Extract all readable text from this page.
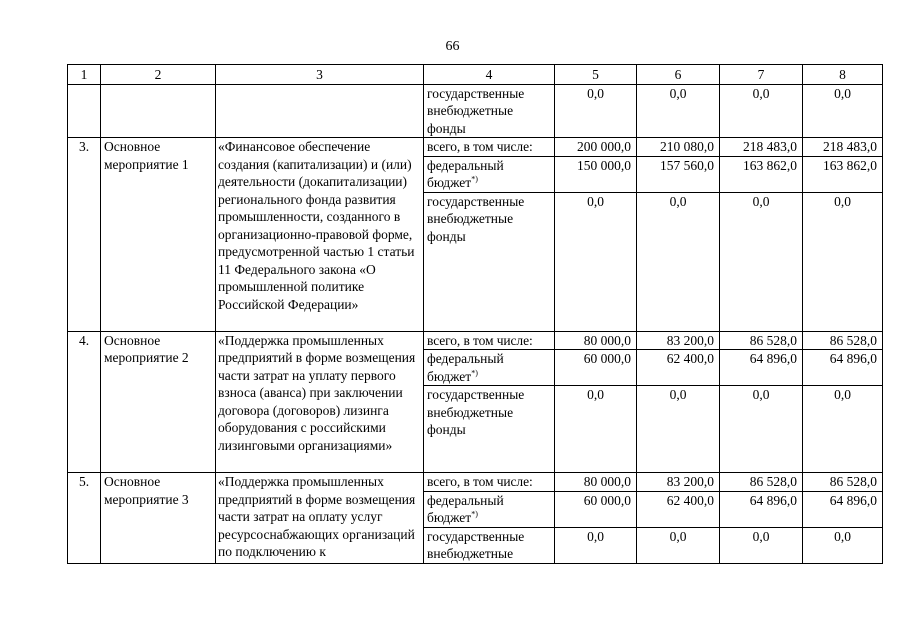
66
1	2	3	4	5	6	7	8
			государственные внебюджетные фонды	0,0	0,0	0,0	0,0
3.	Основное мероприятие 1	«Финансовое обеспечение создания (капитализации) и (или) деятельности (докапитализации) регионального фонда развития промышленности, созданного в организационно-правовой форме, предусмотренной частью 1 статьи 11 Федерального закона «О промышленной политике Российской Федерации»	всего, в том числе:	200 000,0	210 080,0	218 483,0	218 483,0
			федеральный бюджет*)	150 000,0	157 560,0	163 862,0	163 862,0
			государственные внебюджетные фонды	0,0	0,0	0,0	0,0
4.	Основное мероприятие 2	«Поддержка промышленных предприятий в форме возмещения части затрат на уплату первого взноса (аванса) при заключении договора (договоров) лизинга оборудования с российскими лизинговыми организациями»	всего, в том числе:	80 000,0	83 200,0	86 528,0	86 528,0
			федеральный бюджет*)	60 000,0	62 400,0	64 896,0	64 896,0
			государственные внебюджетные фонды	0,0	0,0	0,0	0,0
5.	Основное мероприятие 3	«Поддержка промышленных предприятий в форме возмещения части затрат на оплату услуг ресурсоснабжающих организаций по подключению к	всего, в том числе:	80 000,0	83 200,0	86 528,0	86 528,0
			федеральный бюджет*)	60 000,0	62 400,0	64 896,0	64 896,0
			государственные внебюджетные	0,0	0,0	0,0	0,0
